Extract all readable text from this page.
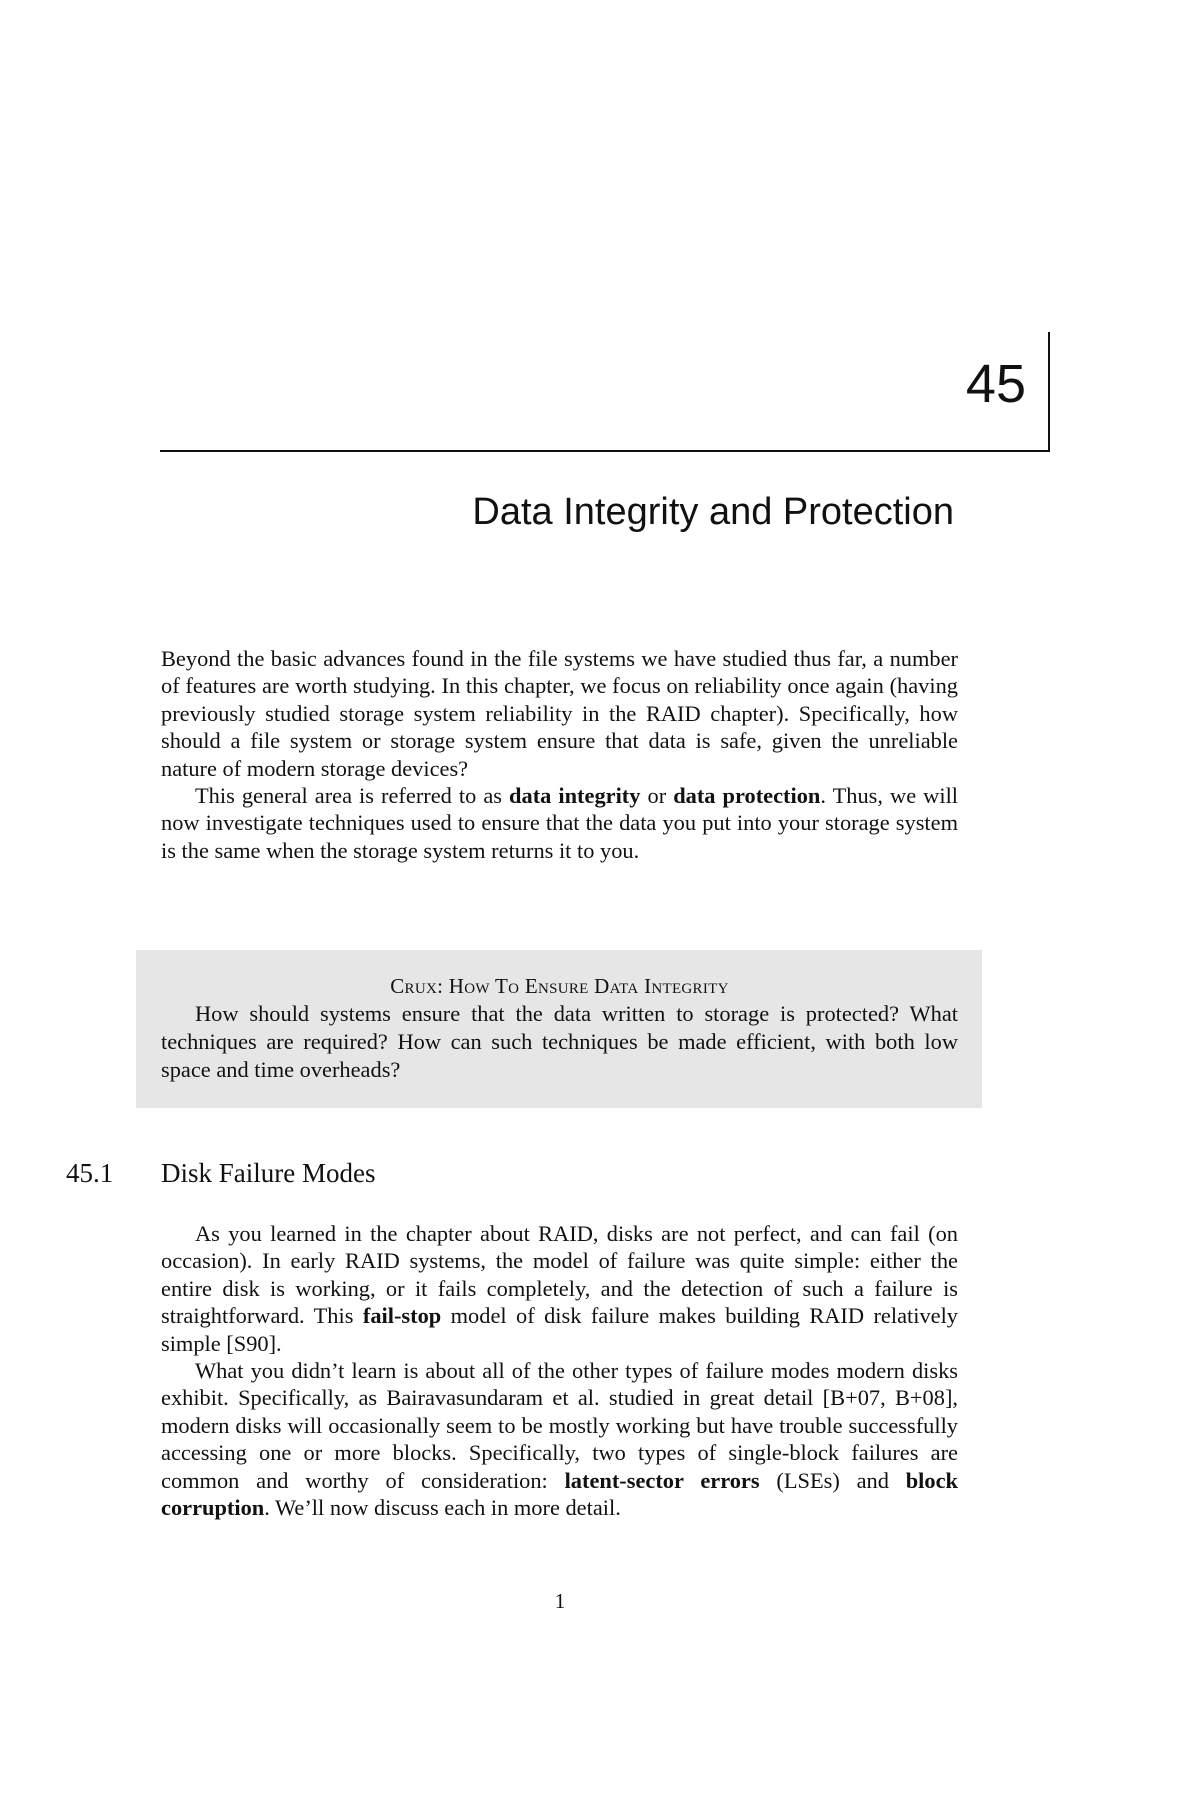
45
Data Integrity and Protection

Beyond the basic advances found in the file systems we have studied thus far, a number of features are worth studying. In this chapter, we focus on reliability once again (having previously studied storage system reliability in the RAID chapter). Specifically, how should a file system or storage system ensure that data is safe, given the unreliable nature of modern storage devices?

This general area is referred to as data integrity or data protection. Thus, we will now investigate techniques used to ensure that the data you put into your storage system is the same when the storage system returns it to you.

Crux: How To Ensure Data Integrity
How should systems ensure that the data written to storage is protected? What techniques are required? How can such techniques be made efficient, with both low space and time overheads?
45.1 Disk Failure Modes

As you learned in the chapter about RAID, disks are not perfect, and can fail (on occasion). In early RAID systems, the model of failure was quite simple: either the entire disk is working, or it fails completely, and the detection of such a failure is straightforward. This fail-stop model of disk failure makes building RAID relatively simple [S90].

What you didn’t learn is about all of the other types of failure modes modern disks exhibit. Specifically, as Bairavasundaram et al. studied in great detail [B+07, B+08], modern disks will occasionally seem to be mostly working but have trouble successfully accessing one or more blocks. Specifically, two types of single-block failures are common and worthy of consideration: latent-sector errors (LSEs) and block corruption. We’ll now discuss each in more detail.

1
